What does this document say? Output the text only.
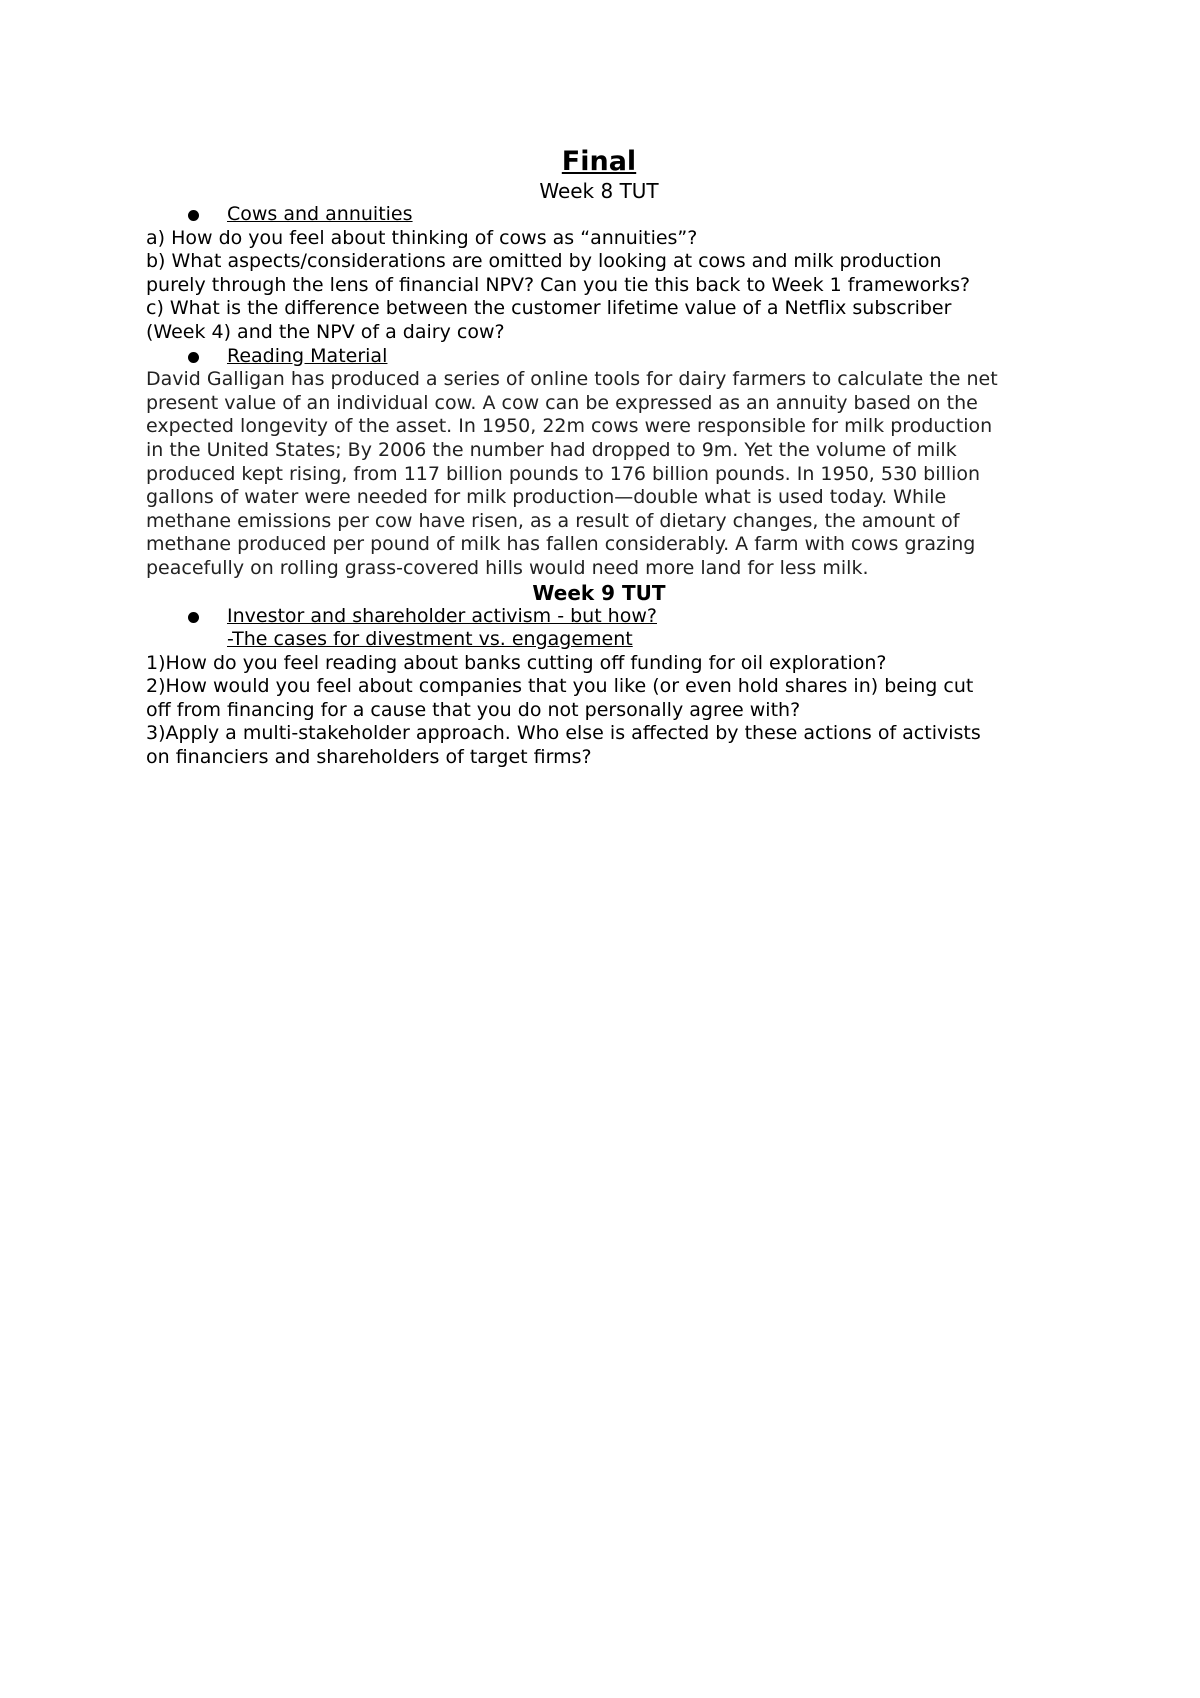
Final
Week 8 TUT
Cows and annuities
a) How do you feel about thinking of cows as “annuities”?
b) What aspects/considerations are omitted by looking at cows and milk production
purely through the lens of financial NPV? Can you tie this back to Week 1 frameworks?
c) What is the difference between the customer lifetime value of a Netflix subscriber
(Week 4) and the NPV of a dairy cow?
Reading Material
David Galligan has produced a series of online tools for dairy farmers to calculate the net
present value of an individual cow. A cow can be expressed as an annuity based on the
expected longevity of the asset. In 1950, 22m cows were responsible for milk production
in the United States; By 2006 the number had dropped to 9m. Yet the volume of milk
produced kept rising, from 117 billion pounds to 176 billion pounds. In 1950, 530 billion
gallons of water were needed for milk production—double what is used today. While
methane emissions per cow have risen, as a result of dietary changes, the amount of
methane produced per pound of milk has fallen considerably. A farm with cows grazing
peacefully on rolling grass-covered hills would need more land for less milk.
Week 9 TUT
Investor and shareholder activism - but how?
-The cases for divestment vs. engagement
1)How do you feel reading about banks cutting off funding for oil exploration?
2)How would you feel about companies that you like (or even hold shares in) being cut
off from financing for a cause that you do not personally agree with?
3)Apply a multi-stakeholder approach. Who else is affected by these actions of activists
on financiers and shareholders of target firms?
